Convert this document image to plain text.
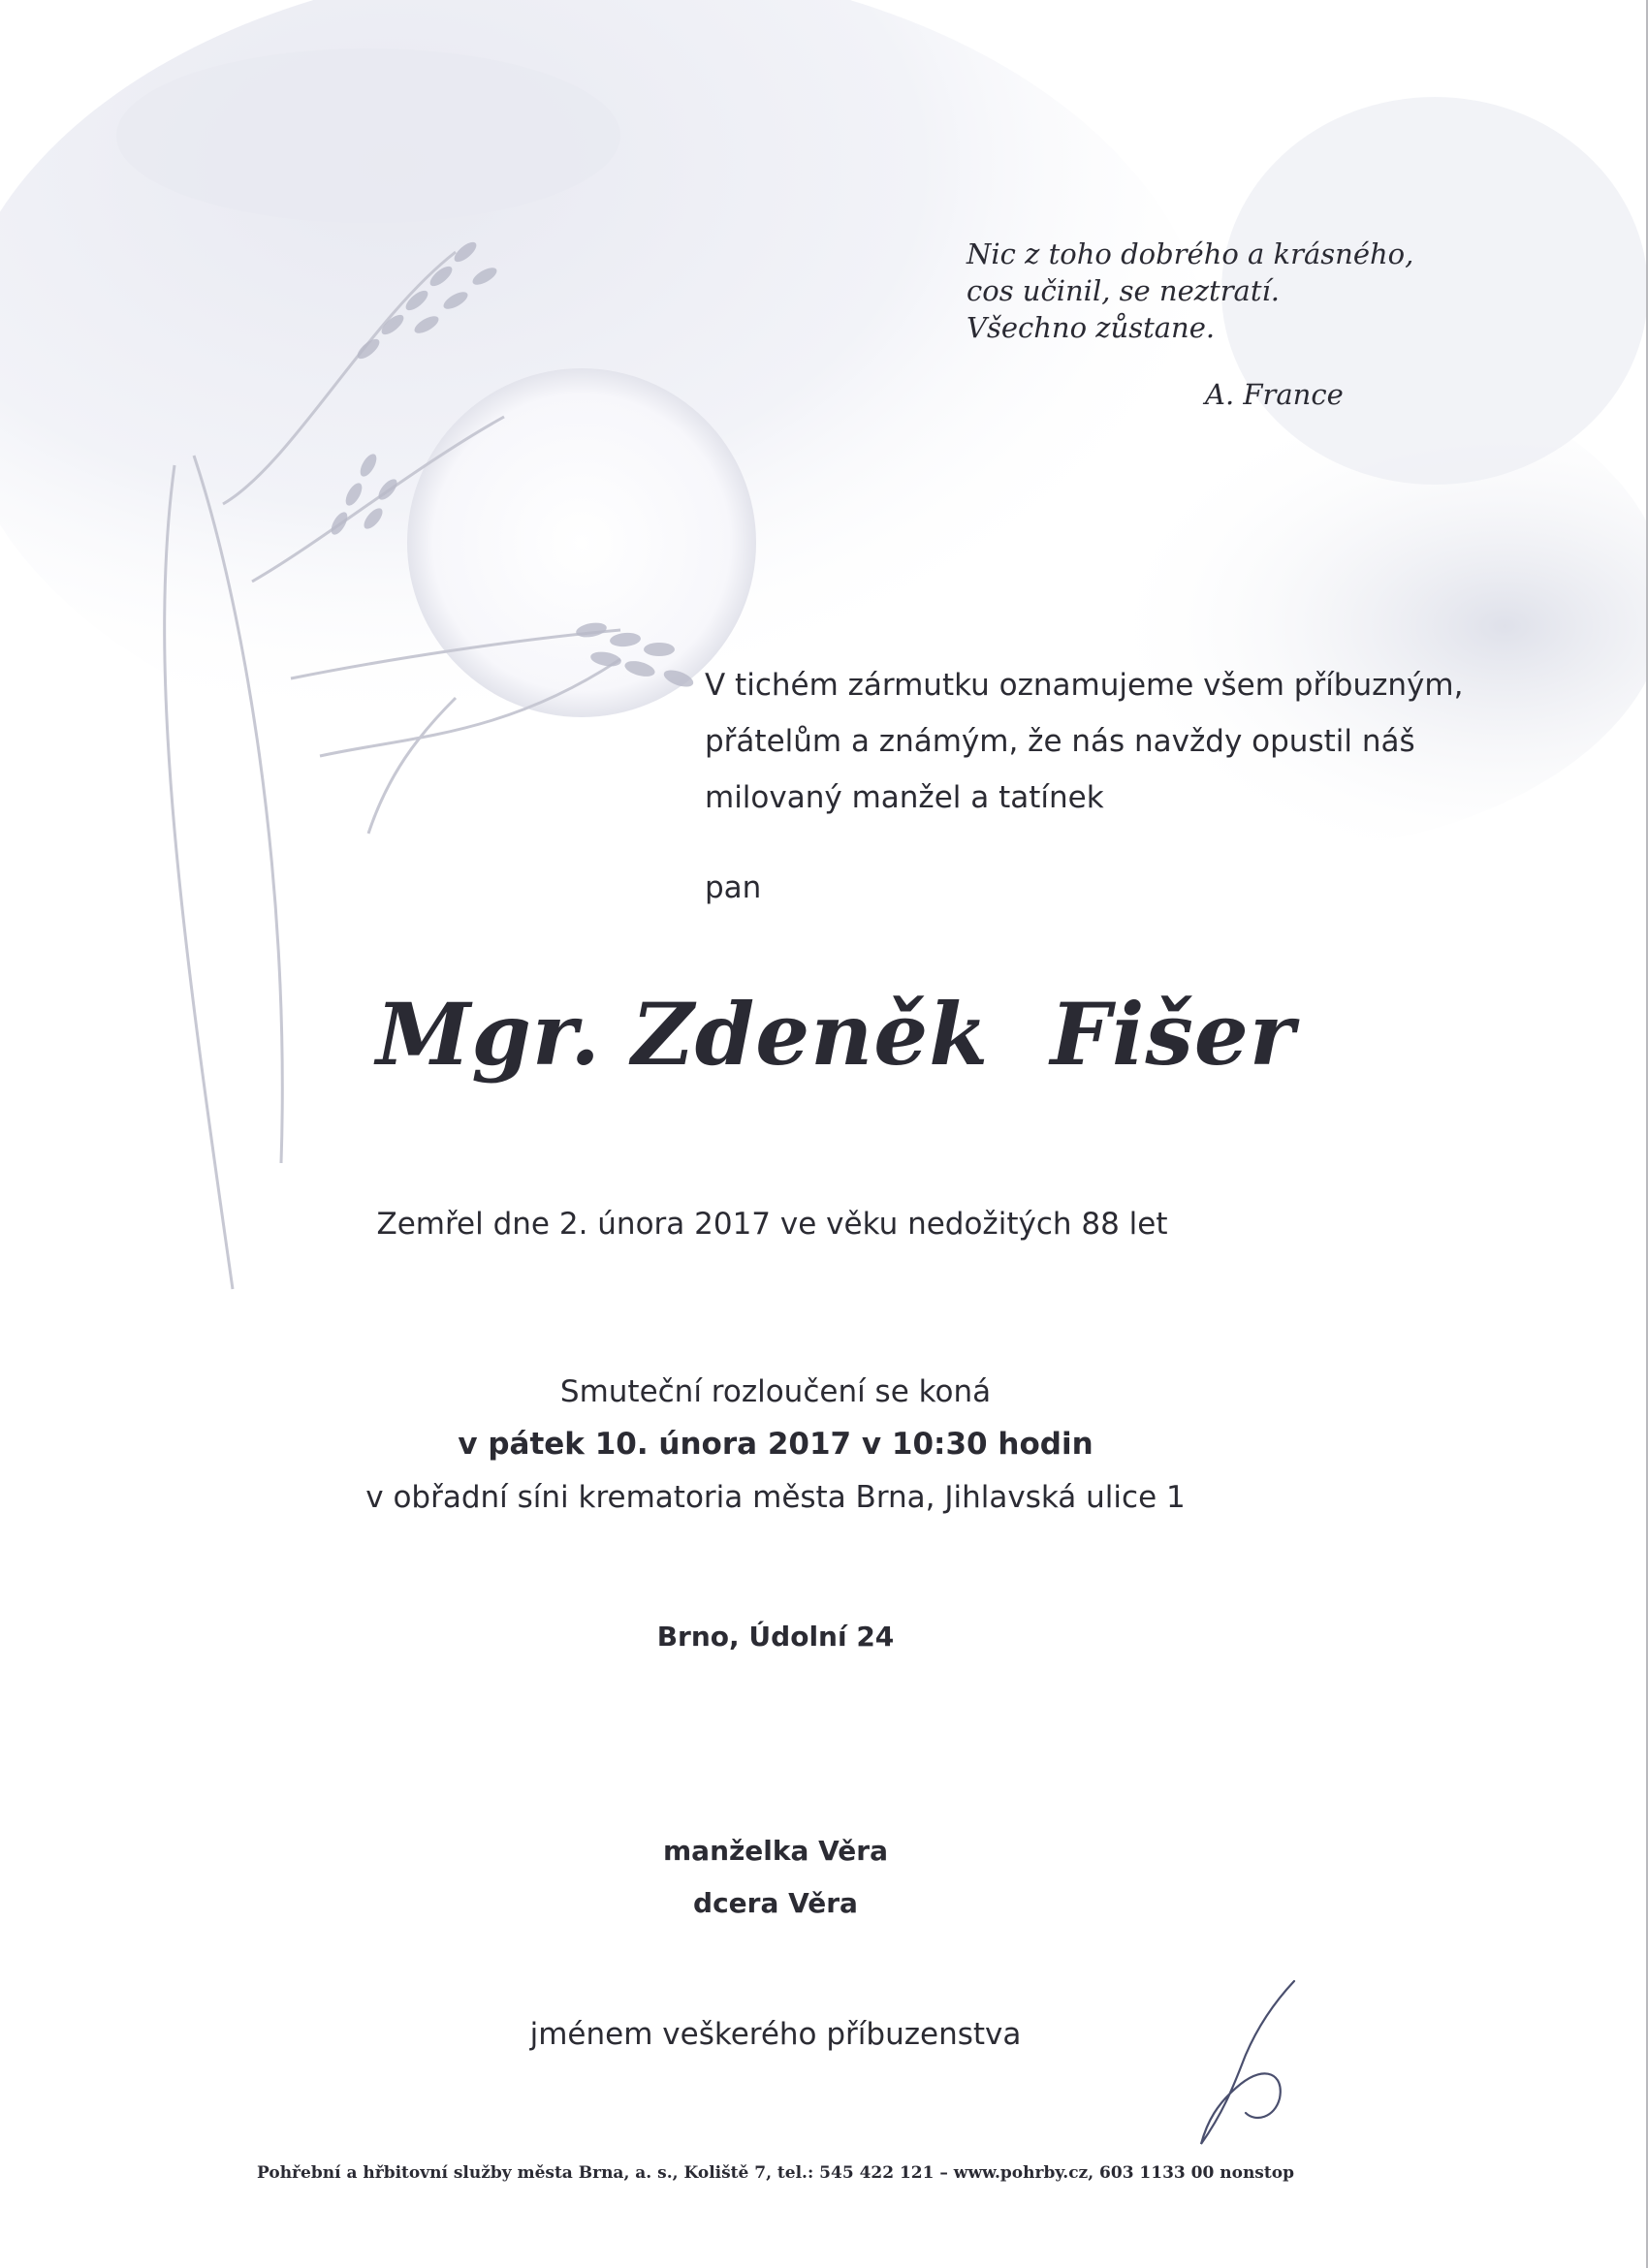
Nic z toho dobrého a krásného,
cos učinil, se neztratí.
Všechno zůstane.
A. France
V tichém zármutku oznamujeme všem příbuzným,
přátelům a známým, že nás navždy opustil náš
milovaný manžel a tatínek
pan
Mgr. Zdeněk  Fišer
Zemřel dne 2. února 2017 ve věku nedožitých 88 let
Smuteční rozloučení se koná
v pátek 10. února 2017 v 10:30 hodin
v obřadní síni krematoria města Brna, Jihlavská ulice 1
Brno, Údolní 24
manželka Věra
dcera Věra
jménem veškerého příbuzenstva
Pohřební a hřbitovní služby města Brna, a. s., Koliště 7, tel.: 545 422 121 – www.pohrby.cz, 603 1133 00 nonstop
